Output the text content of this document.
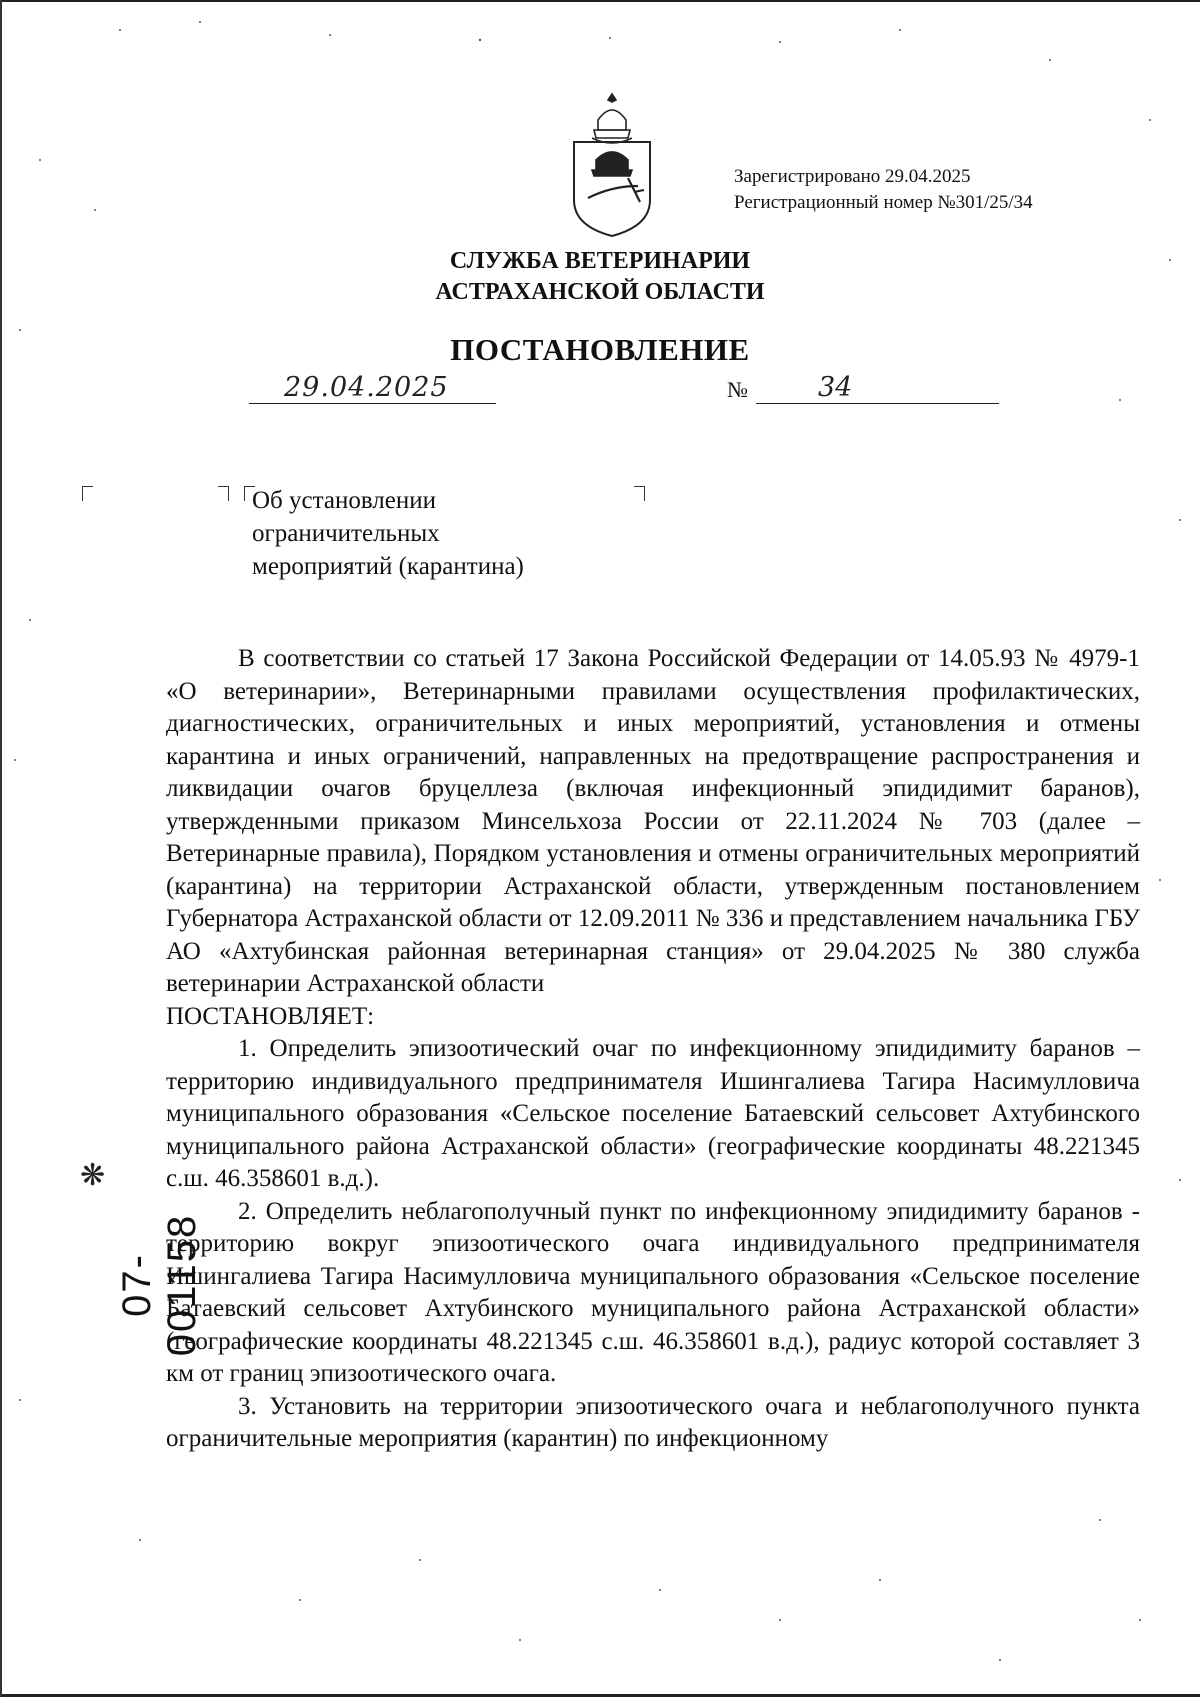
Зарегистрировано 29.04.2025
Регистрационный номер №301/25/34
СЛУЖБА ВЕТЕРИНАРИИ
АСТРАХАНСКОЙ ОБЛАСТИ
ПОСТАНОВЛЕНИЕ
29.04.2025	№	34
Об установлении
ограничительных
мероприятий (карантина)

В соответствии со статьей 17 Закона Российской Федерации от 14.05.93 № 4979-1 «О ветеринарии», Ветеринарными правилами осуществления профилактических, диагностических, ограничительных и иных мероприятий, установления и отмены карантина и иных ограничений, направленных на предотвращение распространения и ликвидации очагов бруцеллеза (включая инфекционный эпидидимит баранов), утвержденными приказом Минсельхоза России от 22.11.2024 № 703 (далее – Ветеринарные правила), Порядком установления и отмены ограничительных мероприятий (карантина) на территории Астраханской области, утвержденным постановлением Губернатора Астраханской области от 12.09.2011 № 336 и представлением начальника ГБУ АО «Ахтубинская районная ветеринарная станция» от 29.04.2025 № 380 служба ветеринарии Астраханской области

ПОСТАНОВЛЯЕТ:

1. Определить эпизоотический очаг по инфекционному эпидидимиту баранов – территорию индивидуального предпринимателя Ишингалиева Тагира Насимулловича муниципального образования «Сельское поселение Батаевский сельсовет Ахтубинского муниципального района Астраханской области» (географические координаты 48.221345 с.ш. 46.358601 в.д.).

2. Определить неблагополучный пункт по инфекционному эпидидимиту баранов - территорию вокруг эпизоотического очага индивидуального предпринимателя Ишингалиева Тагира Насимулловича муниципального образования «Сельское поселение Батаевский сельсовет Ахтубинского муниципального района Астраханской области» (географические координаты 48.221345 с.ш. 46.358601 в.д.), радиус которой составляет 3 км от границ эпизоотического очага.

3. Установить на территории эпизоотического очага и неблагополучного пункта ограничительные мероприятия (карантин) по инфекционному

❋
07-001158
